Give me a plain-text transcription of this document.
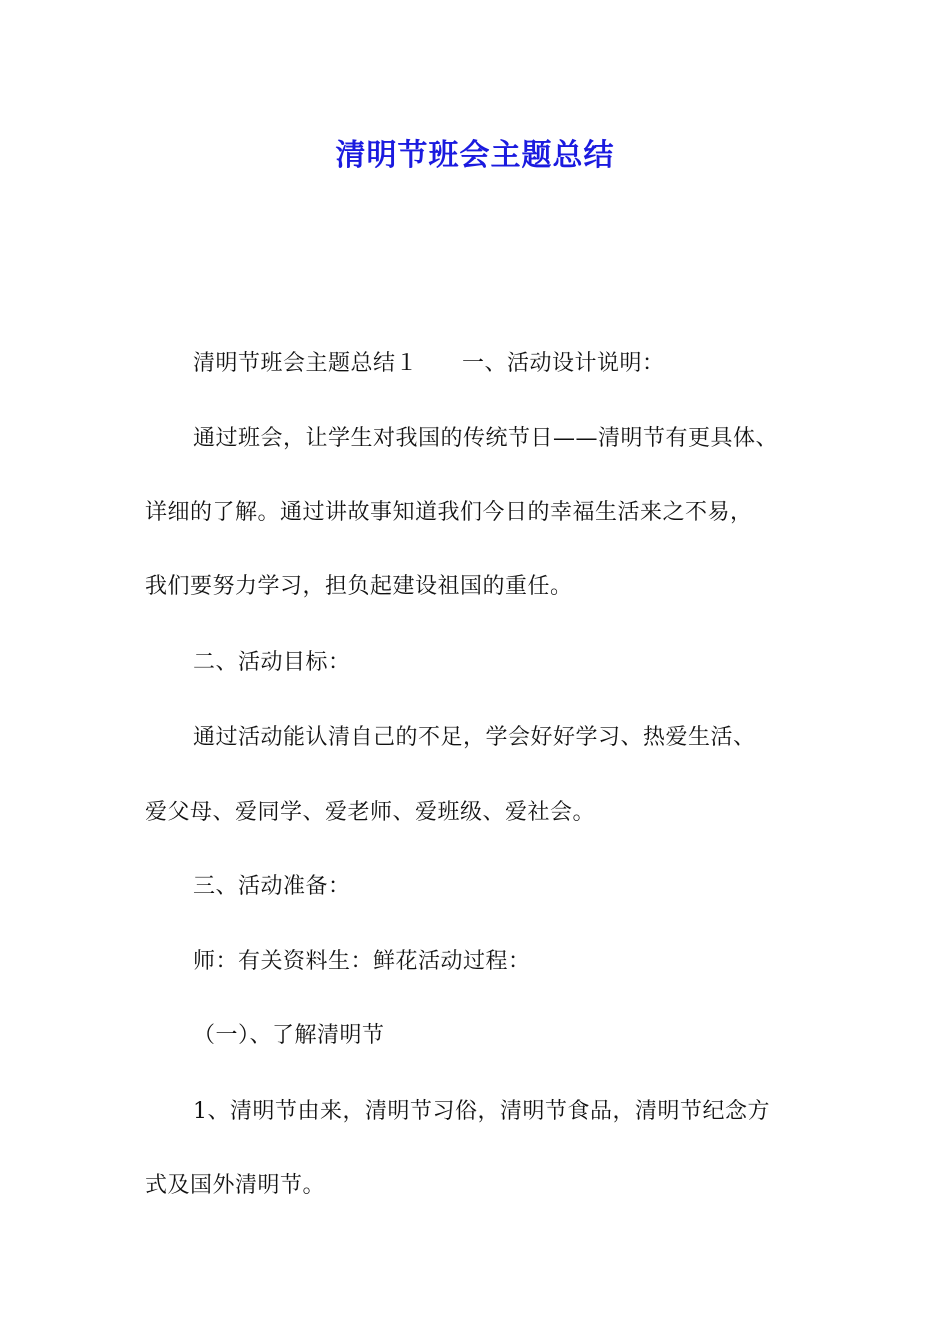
清明节班会主题总结
清明节班会主题总结１ 一、活动设计说明：
通过班会，让学生对我国的传统节日——清明节有更具体、
详细的了解。通过讲故事知道我们今日的幸福生活来之不易，
我们要努力学习，担负起建设祖国的重任。
二、活动目标：
通过活动能认清自己的不足，学会好好学习、热爱生活、
爱父母、爱同学、爱老师、爱班级、爱社会。
三、活动准备：
师：有关资料生：鲜花活动过程：
（一）、了解清明节
1、清明节由来，清明节习俗，清明节食品，清明节纪念方
式及国外清明节。
